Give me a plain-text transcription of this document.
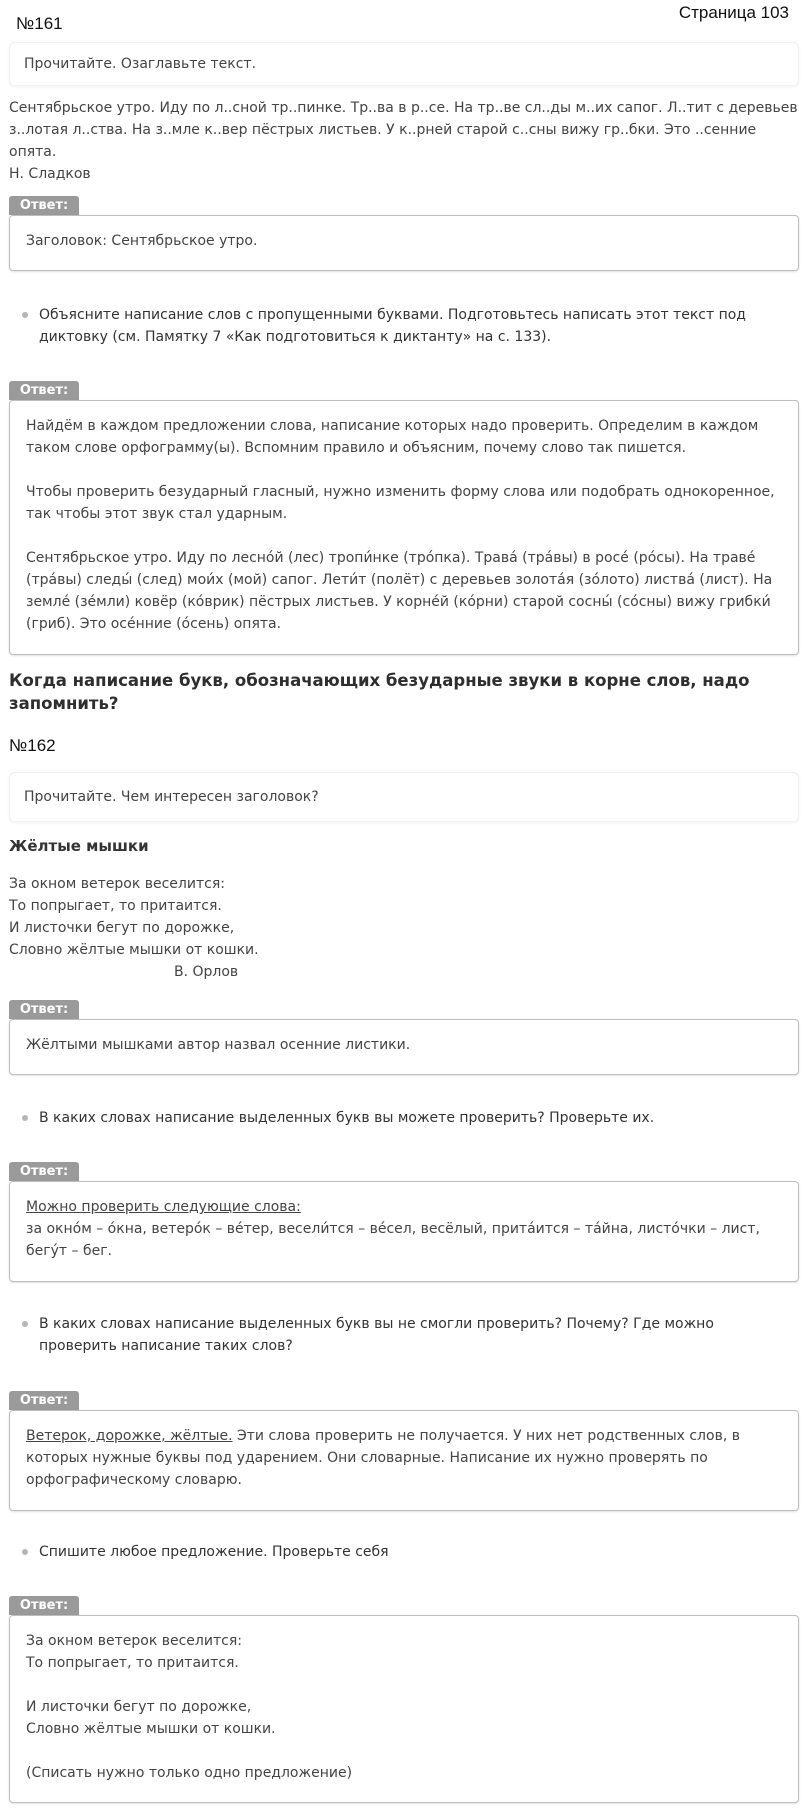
Страница 103
№161
Прочитайте. Озаглавьте текст.

Сентябрьское утро. Иду по л..сной тр..пинке. Тр..ва в р..се. На тр..ве сл..ды м..их сапог. Л..тит с деревьев

з..лотая л..ства. На з..мле к..вер пёстрых листьев. У к..рней старой с..сны вижу гр..бки. Это ..сенние опята.

Н. Сладков

Ответ:

Заголовок: Сентябрьское утро.

Объясните написание слов с пропущенными буквами. Подготовьтесь написать этот текст под

диктовку (см. Памятку 7 «Как подготовиться к диктанту» на с. 133).

Ответ:

Найдём в каждом предложении слова, написание которых надо проверить. Определим в каждом таком слове орфограмму(ы). Вспомним правило и объясним, почему слово так пишется.

Чтобы проверить безударный гласный, нужно изменить форму слова или подобрать однокоренное, так чтобы этот звук стал ударным.

Сентябрьское утро. Иду по лесно́й (лес) тропи́нке (тро́пка). Трава́ (тра́вы) в росе́ (ро́сы). На траве́ (тра́вы) следы́ (след) мои́х (мой) сапог. Лети́т (полёт) с деревьев золота́я (зо́лото) листва́ (лист). На земле́ (зе́мли) ковёр (ко́врик) пёстрых листьев. У корне́й (ко́рни) старой сосны́ (со́сны) вижу грибки́ (гриб). Это осе́нние (о́сень) опята.

Когда написание букв, обозначающих безударные звуки в корне слов, надо запомнить?
№162
Прочитайте. Чем интересен заголовок?
Жёлтые мышки

За окном ветерок веселится:

То попрыгает, то притаится.

И листочки бегут по дорожке,

Словно жёлтые мышки от кошки.

В. Орлов

Ответ:

Жёлтыми мышками автор назвал осенние листики.

В каких словах написание выделенных букв вы можете проверить? Проверьте их.

Ответ:

Можно проверить следующие слова:

за окно́м – о́кна, ветеро́к – ве́тер, весели́тся – ве́сел, весёлый, прита́ится – та́йна, листо́чки – лист,

бегу́т – бег.

В каких словах написание выделенных букв вы не смогли проверить? Почему? Где можно

проверить написание таких слов?

Ответ:

Ветерок, дорожке, жёлтые. Эти слова проверить не получается. У них нет родственных слов, в которых нужные буквы под ударением. Они словарные. Написание их нужно проверять по орфографическому словарю.

Спишите любое предложение. Проверьте себя

Ответ:

За окном ветерок веселится:

То попрыгает, то притаится.

И листочки бегут по дорожке,

Словно жёлтые мышки от кошки.

(Списать нужно только одно предложение)
